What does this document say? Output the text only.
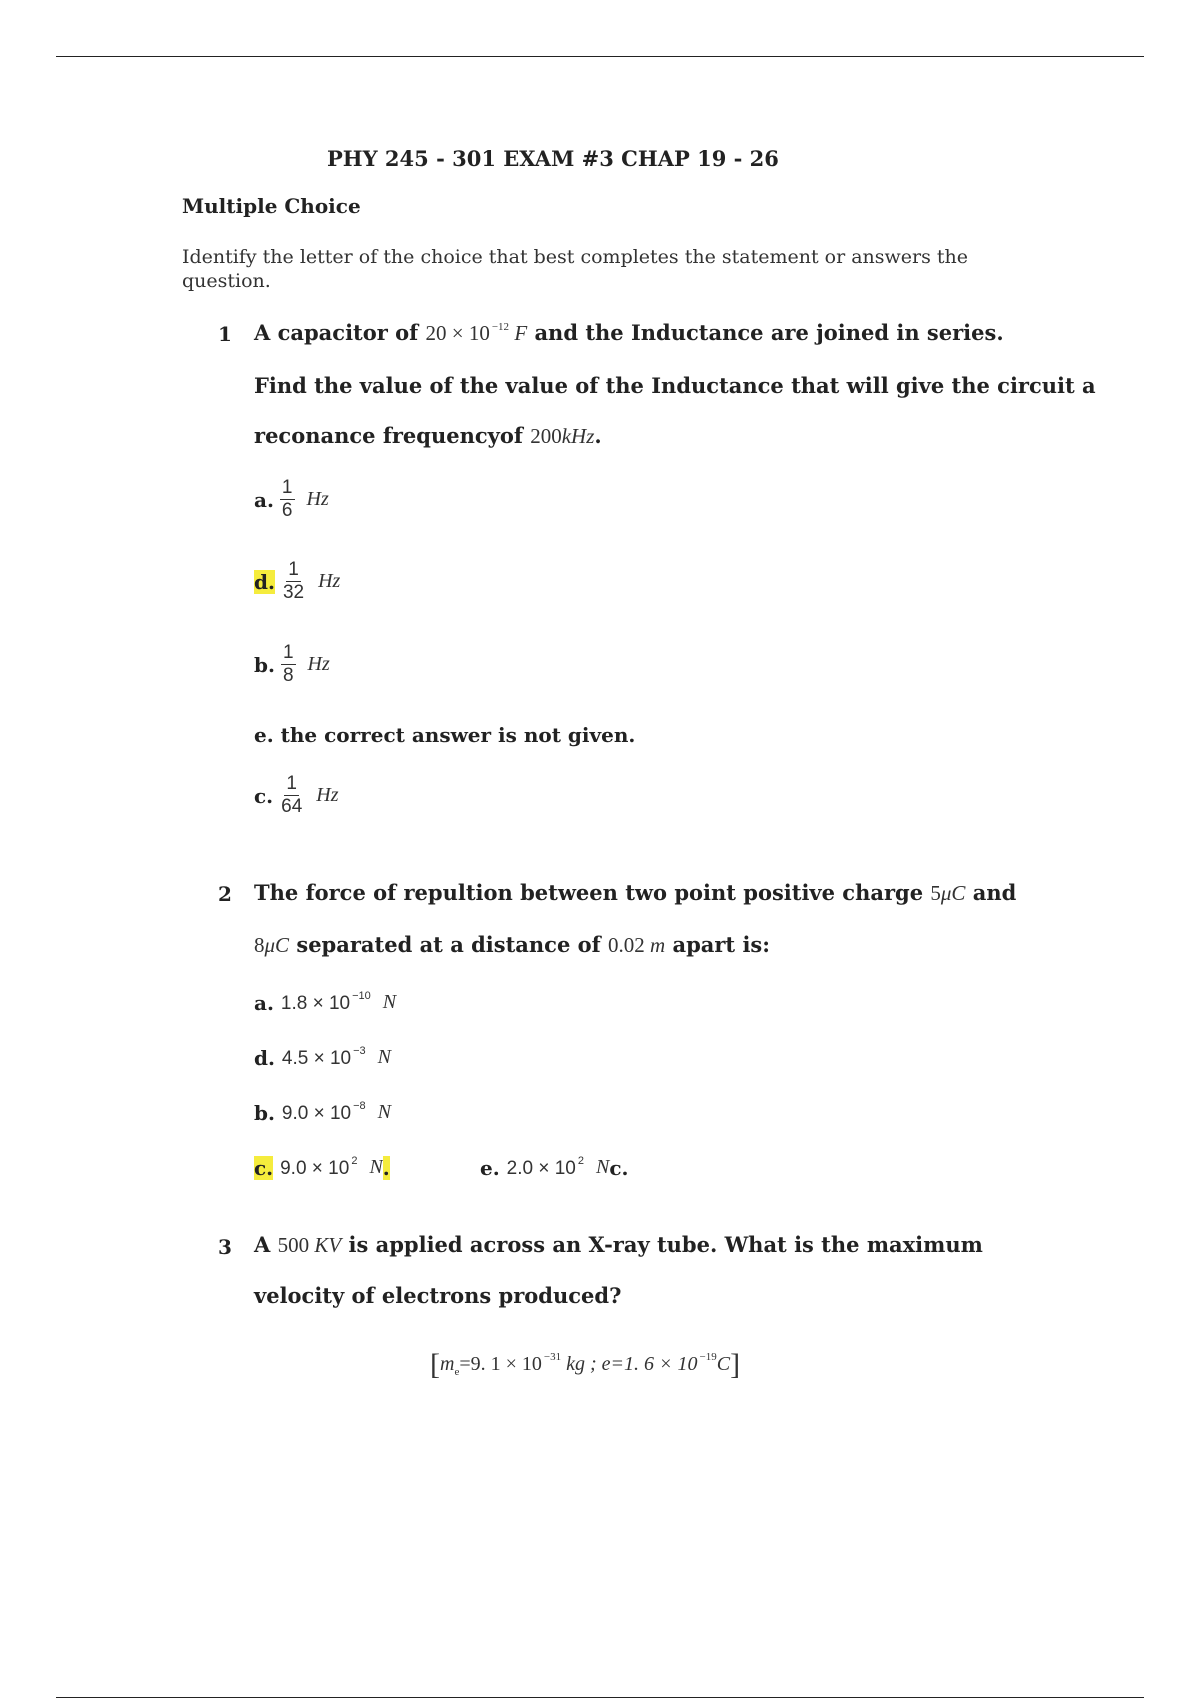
PHY 245 - 301 EXAM #3 CHAP 19 - 26
Multiple Choice
Identify the letter of the choice that best completes the statement or answers the question.
1 A capacitor of 20 × 10 $^{-12}$ F and the Inductance are joined in series.
Find the value of the value of the Inductance that will give the circuit a
reconance frequencyof 200kHz.
a. $\frac{1}{6}$ Hz
d. $\frac{1}{32}$ Hz
b. $\frac{1}{8}$ Hz
e.
the correct answer is not given.
c. $\frac{1}{64}$ Hz
2 The force of repultion between two point positive charge 5μC and
8μC separated at a distance of 0.02 m apart is:
a.
1.8 × 10 $^{-10}$ N
d.
4.5 × 10 $^{-3}$ N
b.
9.0 × 10 $^{-8}$ N
c.
9.0 × 10 $^2$ N .	e.
2.0 × 10 $^2$ N c.
3 A 500 KV is applied across an X-ray tube. What is the maximum
velocity of electrons produced?
[$m_e=9$. 1 × 10 $^{-31}$ kg ; e=1. 6 × 10 $^{-19}$C]
